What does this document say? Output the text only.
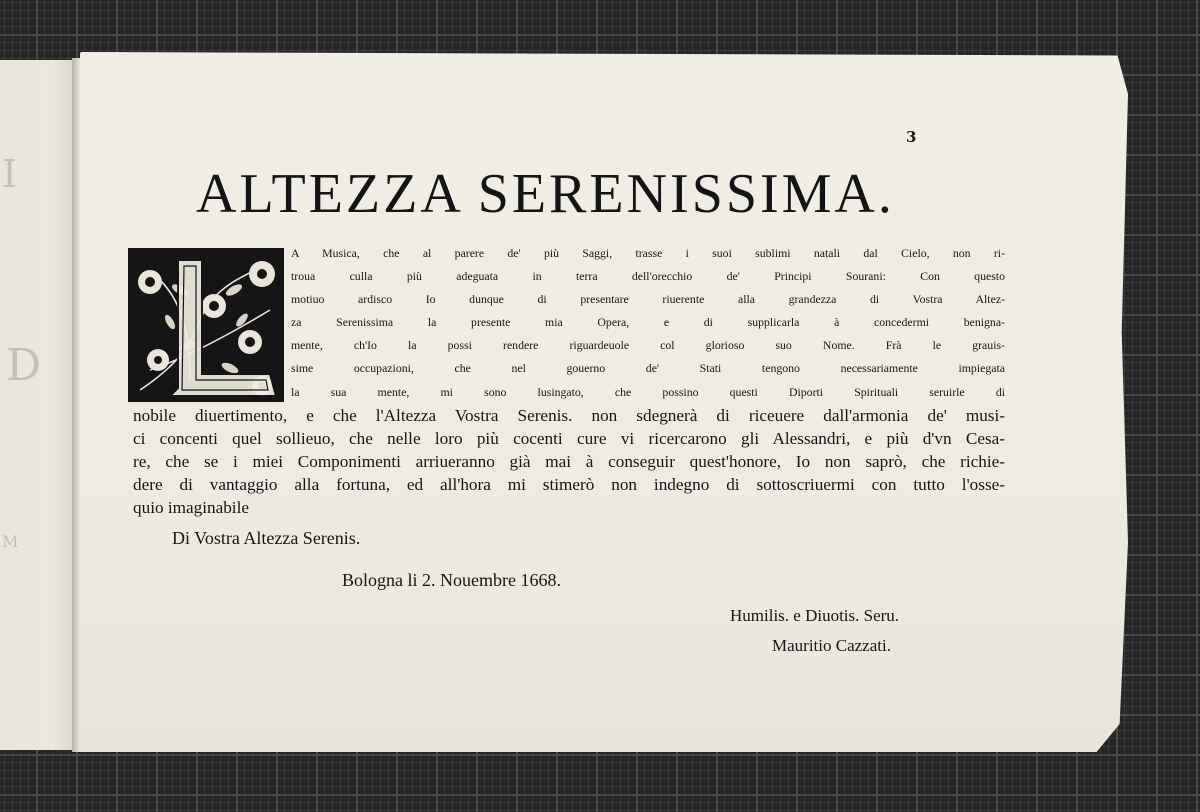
I
D
M
3
ALTEZZA SERENISSIMA.
A Musica, che al parere de' più Saggi, trasse i suoi sublimi natali dal Cielo, non ri-
troua culla più adeguata in terra dell'orecchio de' Principi Sourani: Con questo
motiuo ardisco Io dunque di presentare riuerente alla grandezza di Vostra Altez-
za Serenissima la presente mia Opera, e di supplicarla à concedermi benigna-
mente, ch'Io la possi rendere riguardeuole col glorioso suo Nome. Frà le grauis-
sime occupazioni, che nel gouerno de' Stati tengono necessariamente impiegata
la sua mente, mi sono lusingato, che possino questi Diporti Spirituali seruirle di
nobile diuertimento, e che l'Altezza Vostra Serenis. non sdegnerà di riceuere dall'armonia de' musi-
ci concenti quel sollieuo, che nelle loro più cocenti cure vi ricercarono gli Alessandri, e più d'vn Cesa-
re, che se i miei Componimenti arriueranno già mai à conseguir quest'honore, Io non saprò, che richie-
dere di vantaggio alla fortuna, ed all'hora mi stimerò non indegno di sottoscriuermi con tutto l'osse-
quio imaginabile
Di Vostra Altezza Serenis.
Bologna li 2. Nouembre 1668.
Humilis. e Diuotis. Seru.
Mauritio Cazzati.
